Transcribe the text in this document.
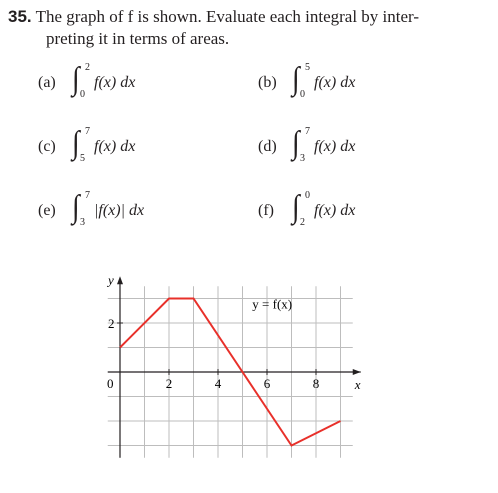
35. The graph of f is shown. Evaluate each integral by inter-
preting it in terms of areas.
(a) ∫ 2
0
f(x) dx	(b) ∫ 5
0
f(x) dx
(c) ∫ 7
5
f(x) dx	(d) ∫ 7
3
f(x) dx
(e) ∫ 7
3
|f(x)| dx	(f) ∫ 0
2
f(x) dx
y
x
0	2	4	6	8
2
y = f(x)
